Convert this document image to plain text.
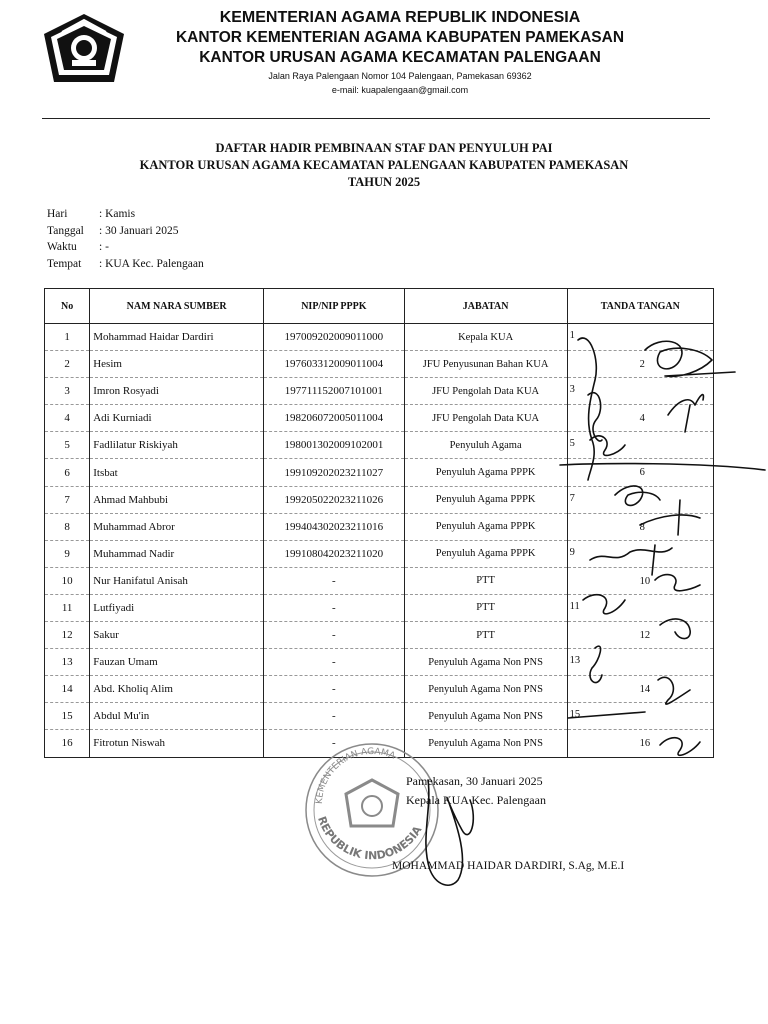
KEMENTERIAN AGAMA REPUBLIK INDONESIA
KANTOR KEMENTERIAN AGAMA KABUPATEN PAMEKASAN
KANTOR URUSAN AGAMA KECAMATAN PALENGAAN
Jalan Raya Palengaan Nomor 104 Palengaan, Pamekasan 69362
e-mail: kuapalengaan@gmail.com
DAFTAR HADIR PEMBINAAN STAF DAN PENYULUH PAI
KANTOR URUSAN AGAMA KECAMATAN PALENGAAN KABUPATEN PAMEKASAN
TAHUN 2025
Hari	: Kamis
Tanggal	: 30 Januari 2025
Waktu	: -
Tempat	: KUA Kec. Palengaan
No	NAM NARA SUMBER	NIP/NIP PPPK	JABATAN	TANDA TANGAN
1	Mohammad Haidar Dardiri	197009202009011000	Kepala KUA	1

2	Hesim	197603312009011004	JFU Penyusunan Bahan KUA	2

3	Imron Rosyadi	197711152007101001	JFU Pengolah Data KUA	3

4	Adi Kurniadi	198206072005011004	JFU Pengolah Data KUA	4

5	Fadlilatur Riskiyah	198001302009102001	Penyuluh Agama	5

6	Itsbat	199109202023211027	Penyuluh Agama PPPK	6

7	Ahmad Mahbubi	199205022023211026	Penyuluh Agama PPPK	7

8	Muhammad Abror	199404302023211016	Penyuluh Agama PPPK	8

9	Muhammad Nadir	199108042023211020	Penyuluh Agama PPPK	9

10	Nur Hanifatul Anisah	-	PTT	10

11	Lutfiyadi	-	PTT	11

12	Sakur	-	PTT	12

13	Fauzan Umam	-	Penyuluh Agama Non PNS	13

14	Abd. Kholiq Alim	-	Penyuluh Agama Non PNS	14

15	Abdul Mu'in	-	Penyuluh Agama Non PNS	15

16	Fitrotun Niswah	-	Penyuluh Agama Non PNS	16
KEMENTERIAN AGAMA
REPUBLIK INDONESIA
Pamekasan, 30 Januari 2025
Kepala KUA Kec. Palengaan
MOHAMMAD HAIDAR DARDIRI, S.Ag, M.E.I
